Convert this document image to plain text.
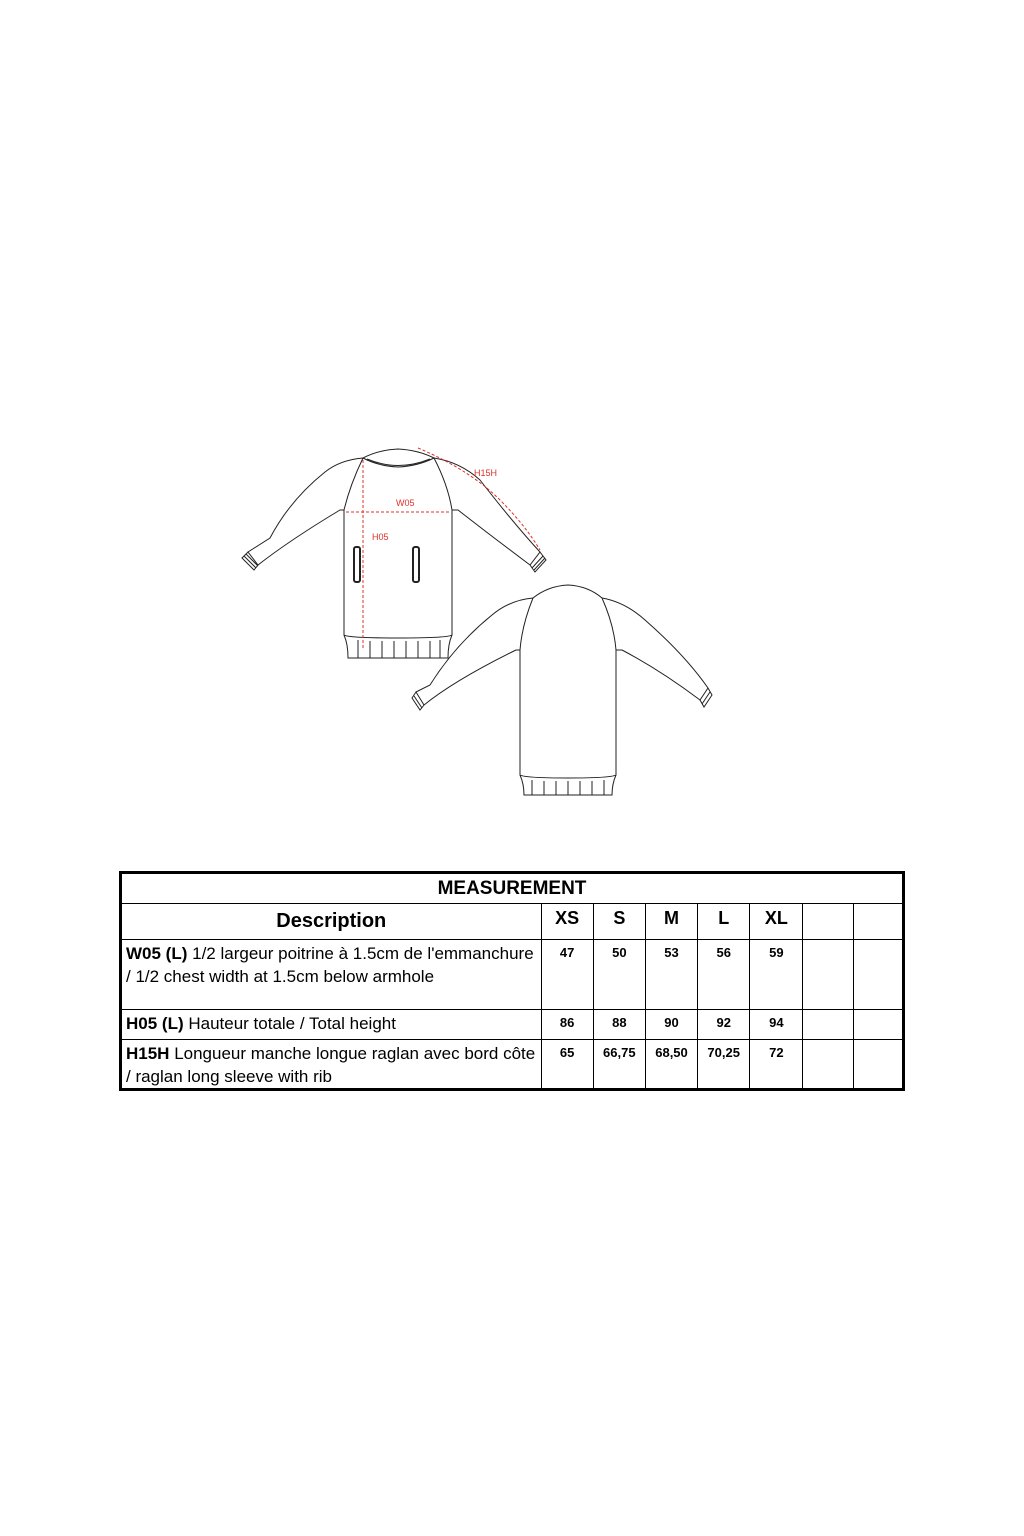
W05
H05
H15H
MEASUREMENT							
Description	XS	S	M	L	XL		
W05 (L) 1/2 largeur poitrine à 1.5cm de l'emmanchure / 1/2 chest width at 1.5cm below armhole	47	50	53	56	59		
H05 (L) Hauteur totale / Total height	86	88	90	92	94		
H15H Longueur manche longue raglan avec bord côte / raglan long sleeve with rib	65	66,75	68,50	70,25	72		
